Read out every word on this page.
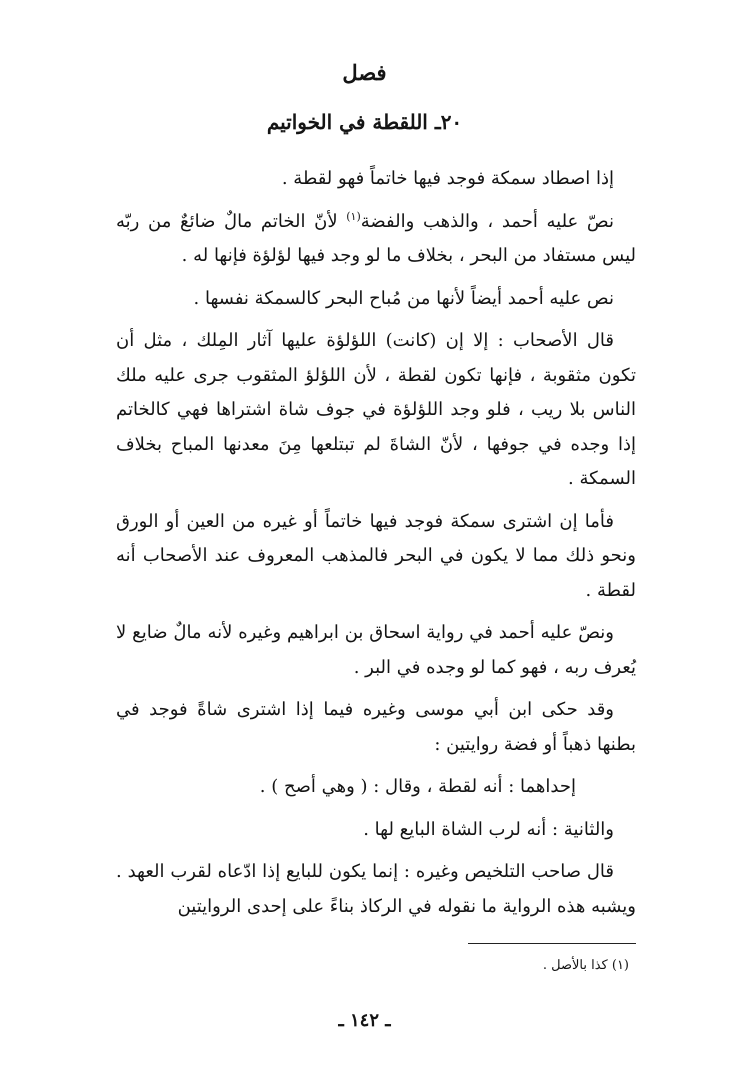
فصل
٢٠ـ اللقطة في الخواتيم

إذا اصطاد سمكة فوجد فيها خاتماً فهو لقطة .

نصّ عليه أحمد ، والذهب والفضة$^{(١)}$ لأنّ الخاتم مالٌ ضائعٌ من ربّه ليس مستفاد من البحر ، بخلاف ما لو وجد فيها لؤلؤة فإنها له .

نص عليه أحمد أيضاً لأنها من مُباح البحر كالسمكة نفسها .

قال الأصحاب : إلا إن (كانت) اللؤلؤة عليها آثار المِلك ، مثل أن تكون مثقوبة ، فإنها تكون لقطة ، لأن اللؤلؤ المثقوب جرى عليه ملك الناس بلا ريب ، فلو وجد اللؤلؤة في جوف شاة اشتراها فهي كالخاتم إذا وجده في جوفها ، لأنّ الشاةَ لم تبتلعها مِنَ معدنها المباح بخلاف السمكة .

فأما إن اشترى سمكة فوجد فيها خاتماً أو غيره من العين أو الورق ونحو ذلك مما لا يكون في البحر فالمذهب المعروف عند الأصحاب أنه لقطة .

ونصّ عليه أحمد في رواية اسحاق بن ابراهيم وغيره لأنه مالٌ ضايع لا يُعرف ربه ، فهو كما لو وجده في البر .

وقد حكى ابن أبي موسى وغيره فيما إذا اشترى شاةً فوجد في بطنها ذهباً أو فضة روايتين :

إحداهما : أنه لقطة ، وقال : ( وهي أصح ) .

والثانية : أنه لرب الشاة البايع لها .

قال صاحب التلخيص وغيره : إنما يكون للبايع إذا ادّعاه لقرب العهد . ويشبه هذه الرواية ما نقوله في الركاذ بناءً على إحدى الروايتين

(١) كذا بالأصل .
ـ ١٤٢ ـ
